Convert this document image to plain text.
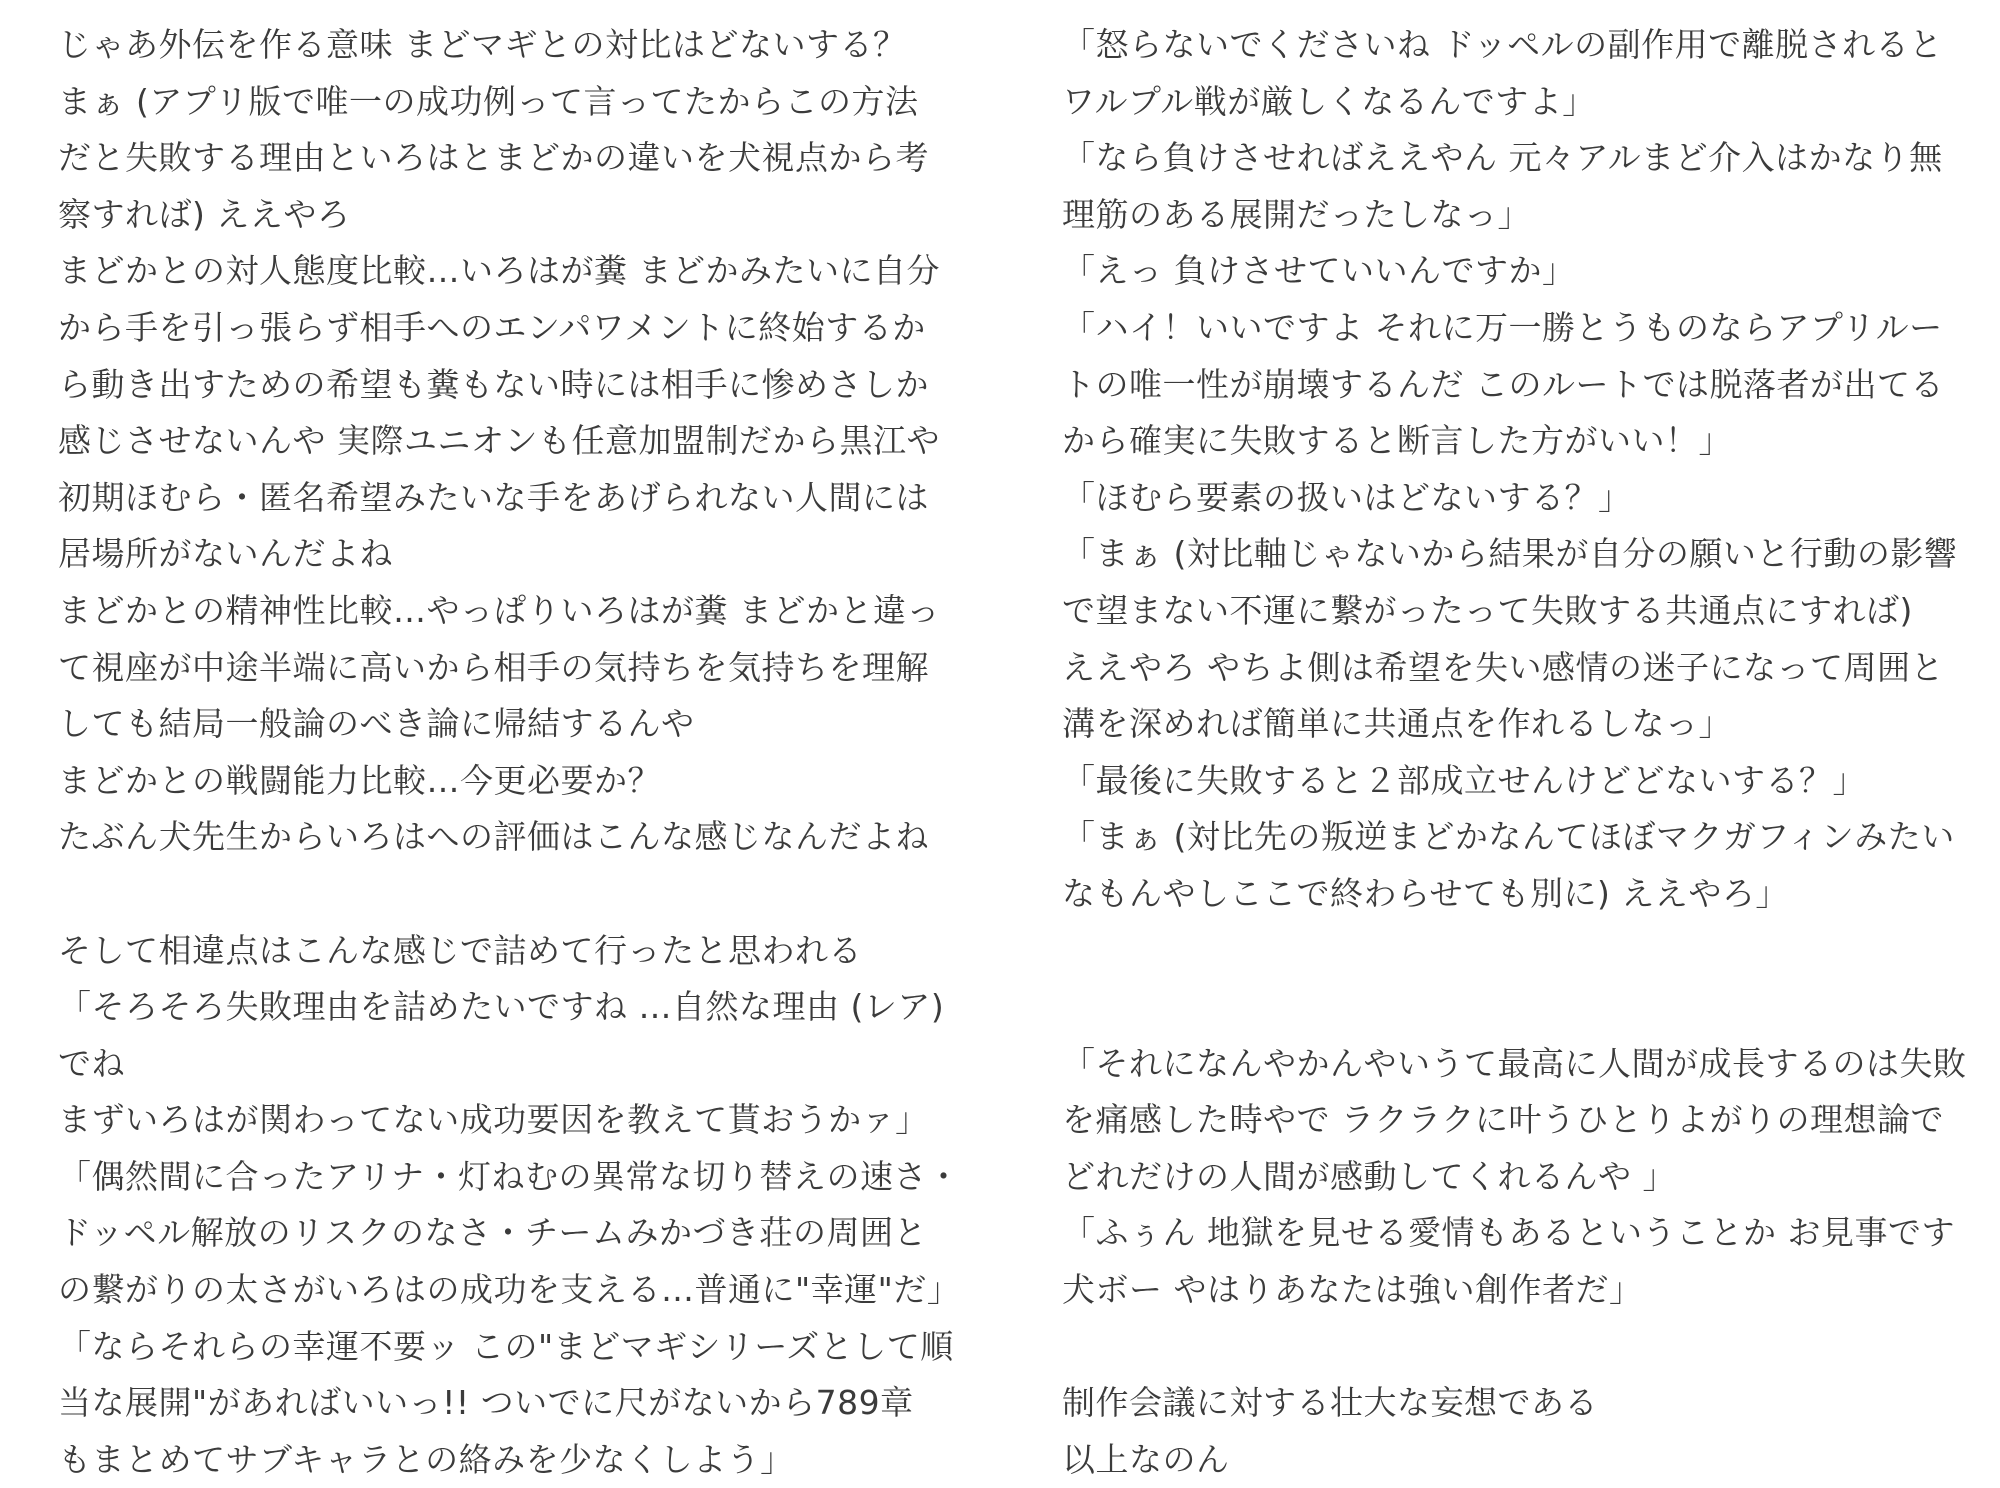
じゃあ外伝を作る意味 まどマギとの対比はどないする？
まぁ (アプリ版で唯一の成功例って言ってたからこの方法
だと失敗する理由といろはとまどかの違いを犬視点から考
察すれば) ええやろ
まどかとの対人態度比較…いろはが糞 まどかみたいに自分
から手を引っ張らず相手へのエンパワメントに終始するか
ら動き出すための希望も糞もない時には相手に惨めさしか
感じさせないんや 実際ユニオンも任意加盟制だから黒江や
初期ほむら・匿名希望みたいな手をあげられない人間には
居場所がないんだよね
まどかとの精神性比較…やっぱりいろはが糞 まどかと違っ
て視座が中途半端に高いから相手の気持ちを気持ちを理解
しても結局一般論のべき論に帰結するんや
まどかとの戦闘能力比較…今更必要か？
たぶん犬先生からいろはへの評価はこんな感じなんだよね
そして相違点はこんな感じで詰めて行ったと思われる
「そろそろ失敗理由を詰めたいですね …自然な理由 (レア)
でね
まずいろはが関わってない成功要因を教えて貰おうかァ」
「偶然間に合ったアリナ・灯ねむの異常な切り替えの速さ・
ドッペル解放のリスクのなさ・チームみかづき荘の周囲と
の繋がりの太さがいろはの成功を支える…普通に"幸運"だ」
「ならそれらの幸運不要ッ この"まどマギシリーズとして順
当な展開"があればいいっ!! ついでに尺がないから789章
もまとめてサブキャラとの絡みを少なくしよう」
「怒らないでくださいね ドッペルの副作用で離脱されると
ワルプル戦が厳しくなるんですよ」
「なら負けさせればええやん 元々アルまど介入はかなり無
理筋のある展開だったしなっ」
「えっ 負けさせていいんですか」
「ハイ！いいですよ それに万一勝とうものならアプリルー
トの唯一性が崩壊するんだ このルートでは脱落者が出てる
から確実に失敗すると断言した方がいい！」
「ほむら要素の扱いはどないする？」
「まぁ (対比軸じゃないから結果が自分の願いと行動の影響
で望まない不運に繋がったって失敗する共通点にすれば)
ええやろ やちよ側は希望を失い感情の迷子になって周囲と
溝を深めれば簡単に共通点を作れるしなっ」
「最後に失敗すると２部成立せんけどどないする？」
「まぁ (対比先の叛逆まどかなんてほぼマクガフィンみたい
なもんやしここで終わらせても別に) ええやろ」
「それになんやかんやいうて最高に人間が成長するのは失敗
を痛感した時やで ラクラクに叶うひとりよがりの理想論で
どれだけの人間が感動してくれるんや 」
「ふぅん 地獄を見せる愛情もあるということか お見事です
犬ボー やはりあなたは強い創作者だ」
制作会議に対する壮大な妄想である
以上なのん
